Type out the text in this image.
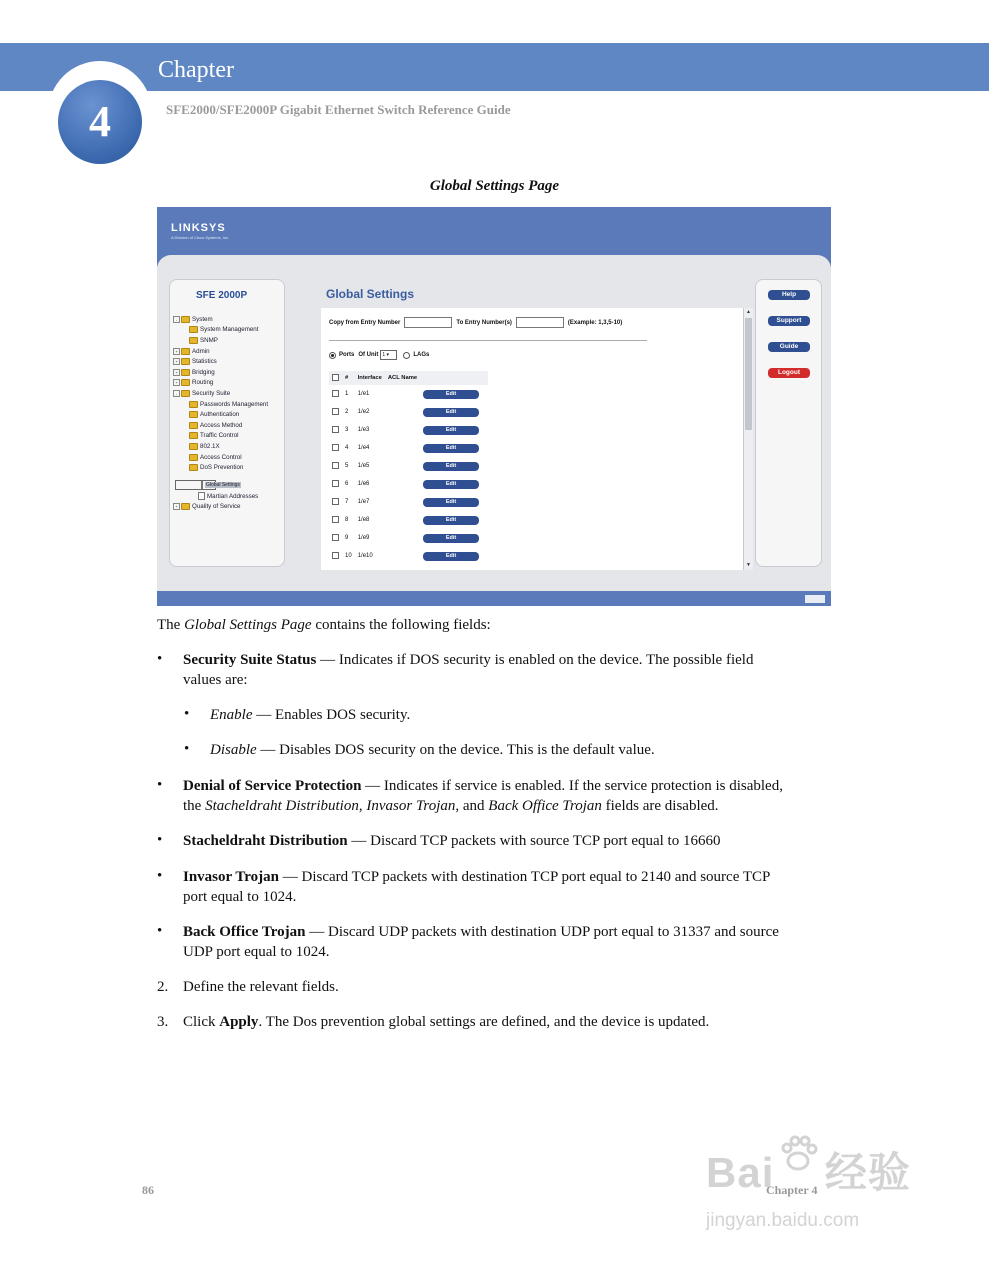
Chapter
4	SFE2000/SFE2000P Gigabit Ethernet Switch Reference Guide
Global Settings Page
LINKSYS
A Division of Cisco Systems, Inc.
SFE 2000P
-	System
System Management
SNMP
+	Admin
+	Statistics
+	Bridging
+	Routing
-	Security Suite
Passwords Management
Authentication
Access Method
Traffic Control
802.1X
Access Control
DoS Prevention
Global Settings
Martian Addresses
+	Quality of Service
Global Settings
Copy from Entry Number	To Entry Number(s)	(Example: 1,3,5-10)
Ports Of Unit 1 ▾	LAGs
	#	Interface	ACL Name	
	1	1/e1		Edit
	2	1/e2		Edit
	3	1/e3		Edit
	4	1/e4		Edit
	5	1/e5		Edit
	6	1/e6		Edit
	7	1/e7		Edit
	8	1/e8		Edit
	9	1/e9		Edit
	10	1/e10		Edit
▲
▼
Help
Support
Guide
Logout
The Global Settings Page contains the following fields:
• Security Suite Status — Indicates if DOS security is enabled on the device. The possible field
values are:
• Enable — Enables DOS security.
• Disable — Disables DOS security on the device. This is the default value.
• Denial of Service Protection — Indicates if service is enabled. If the service protection is disabled,
the Stacheldraht Distribution, Invasor Trojan, and Back Office Trojan fields are disabled.
• Stacheldraht Distribution — Discard TCP packets with source TCP port equal to 16660
• Invasor Trojan — Discard TCP packets with destination TCP port equal to 2140 and source TCP
port equal to 1024.
• Back Office Trojan — Discard UDP packets with destination UDP port equal to 31337 and source
UDP port equal to 1024.
2. Define the relevant fields.
3. Click Apply. The Dos prevention global settings are defined, and the device is updated.
86	Chapter 4
Bai 经验
jingyan.baidu.com
